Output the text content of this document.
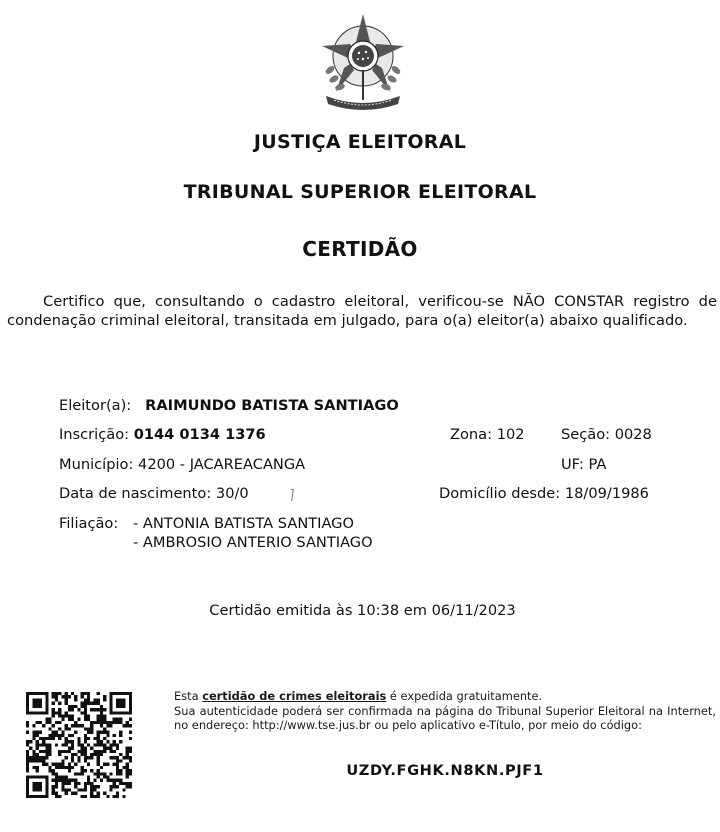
JUSTIÇA ELEITORAL
TRIBUNAL SUPERIOR ELEITORAL
CERTIDÃO
Certifico que, consultando o cadastro eleitoral, verificou-se NÃO CONSTAR registro de condenação criminal eleitoral, transitada em julgado, para o(a) eleitor(a) abaixo qualificado.
Eleitor(a): RAIMUNDO BATISTA SANTIAGO
Inscrição: 0144 0134 1376	Zona: 102 Seção: 0028
Município: 4200 - JACAREACANGA	UF: PA
Data de nascimento: 30/0	Domicílio desde: 18/09/1986
Filiação: - ANTONIA BATISTA SANTIAGO
- AMBROSIO ANTERIO SANTIAGO
Certidão emitida às 10:38 em 06/11/2023
Esta certidão de crimes eleitorais é expedida gratuitamente.
Sua autenticidade poderá ser confirmada na página do Tribunal Superior Eleitoral na Internet, no endereço: http://www.tse.jus.br ou pelo aplicativo e-Título, por meio do código:
UZDY.FGHK.N8KN.PJF1
